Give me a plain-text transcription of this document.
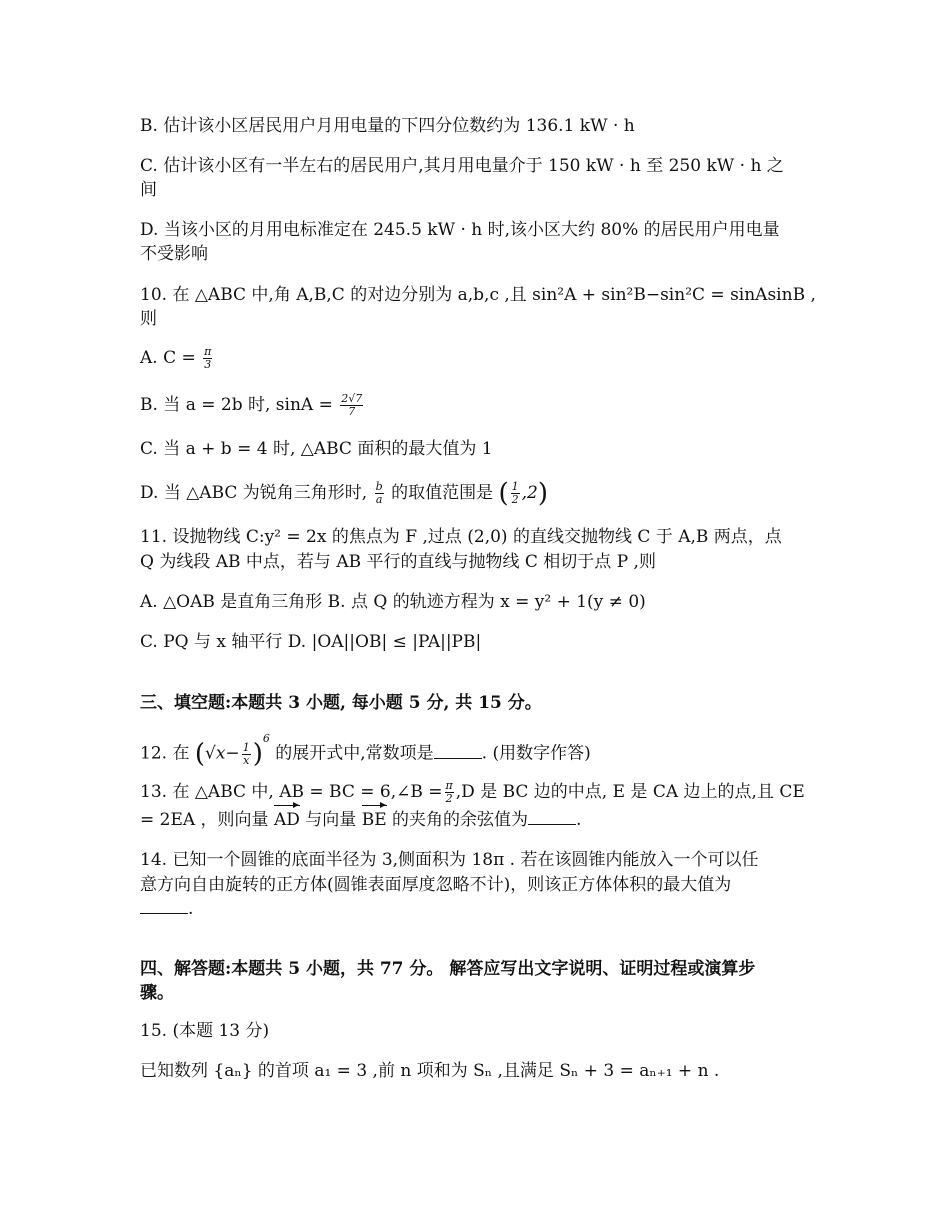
B. 估计该小区居民用户月用电量的下四分位数约为 136.1 kW · h
C. 估计该小区有一半左右的居民用户,其月用电量介于 150 kW · h 至 250 kW · h 之
间
D. 当该小区的月用电标准定在 245.5 kW · h 时,该小区大约 80% 的居民用户用电量
不受影响
10. 在 △ABC 中,角 A,B,C 的对边分别为 a,b,c ,且 sin²A + sin²B−sin²C = sinAsinB ,
则
A. $C = \frac{\pi}{3}$
B. 当 a = 2b 时, $\sin A = \frac{2√7}{7}$
C. 当 a + b = 4 时, △ABC 面积的最大值为 1
D. 当 △ABC 为锐角三角形时, $\frac{b}{a}$ 的取值范围是 ( $\frac{1}{2} ,2$)
11. 设抛物线 C:y² = 2x 的焦点为 F ,过点 (2,0) 的直线交抛物线 C 于 A,B 两点，点
Q 为线段 AB 中点，若与 AB 平行的直线与抛物线 C 相切于点 P ,则
A. △OAB 是直角三角形 B. 点 Q 的轨迹方程为 x = y² + 1(y ≠ 0)
C. PQ 与 x 轴平行 D. |OA||OB| ≤ |PA||PB|
三、填空题:本题共 3 小题, 每小题 5 分, 共 15 分。
12. 在 $(√x- \frac{1}{x} )^6$ 的展开式中,常数项是	. (用数字作答)
13. 在 △ABC 中, AB = BC = 6,∠B = $\frac{\pi}{2} ,D$ 是 BC 边的中点, E 是 CA 边上的点,且 CE
= 2EA ，则向量 AD 与向量 BE 的夹角的余弦值为	.
14. 已知一个圆锥的底面半径为 3,侧面积为 18π . 若在该圆锥内能放入一个可以任
意方向自由旋转的正方体(圆锥表面厚度忽略不计)，则该正方体体积的最大值为
.
四、解答题:本题共 5 小题，共 77 分。 解答应写出文字说明、证明过程或演算步
骤。
15. (本题 13 分)
已知数列 {aₙ} 的首项 a₁ = 3 ,前 n 项和为 Sₙ ,且满足 Sₙ + 3 = aₙ₊₁ + n .
